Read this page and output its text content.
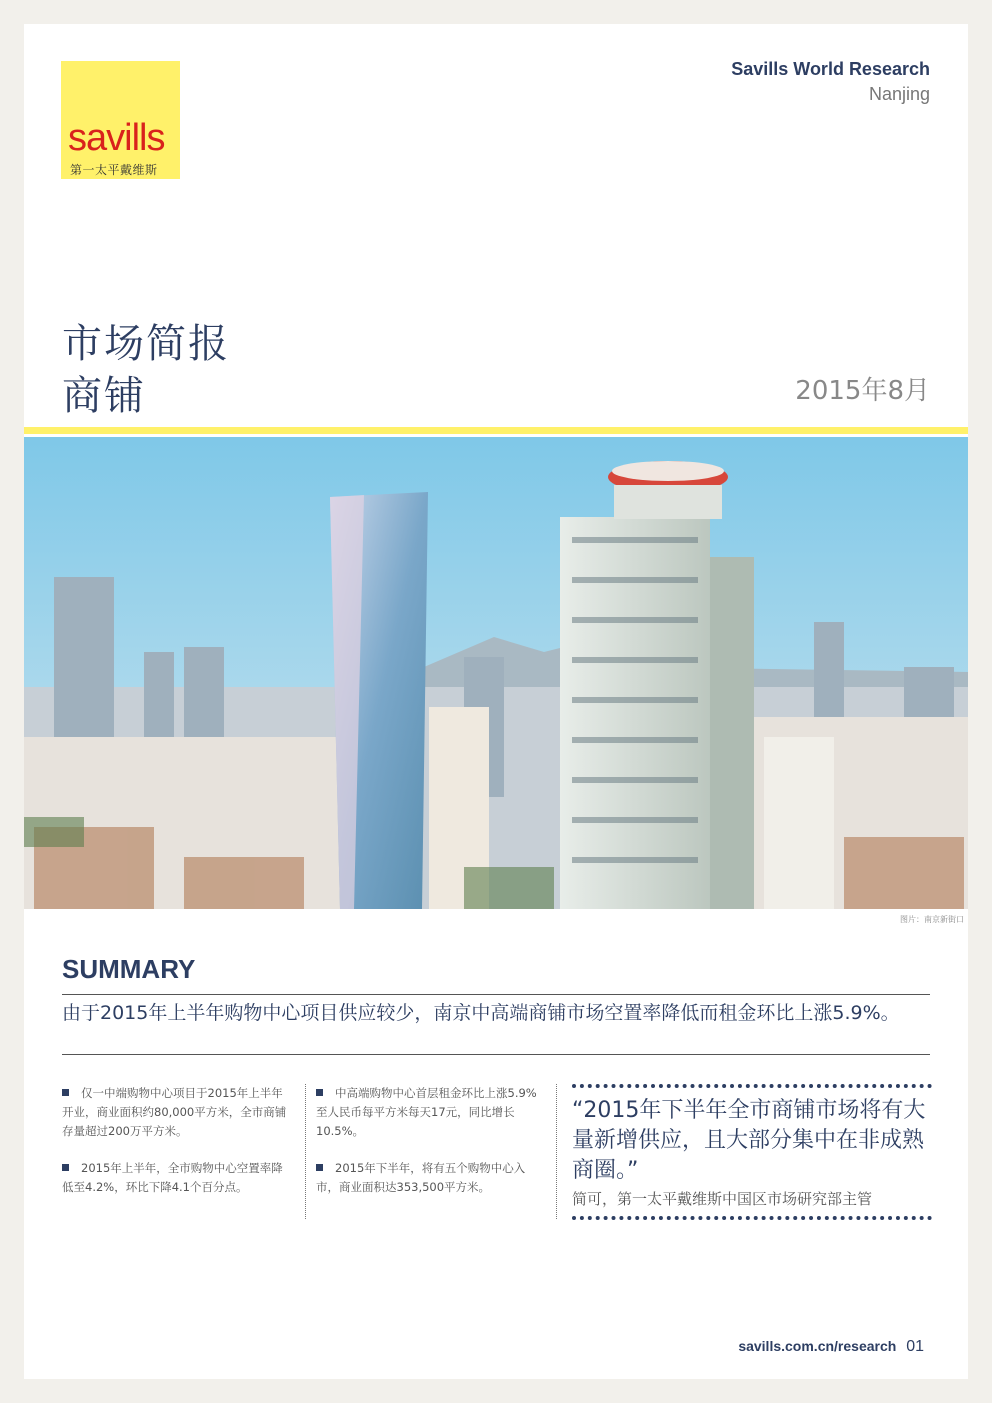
savills
第一太平戴维斯
Savills World Research
Nanjing
市场简报
商铺	2015年8月
图片：南京新街口
SUMMARY
由于2015年上半年购物中心项目供应较少，南京中高端商铺市场空置率降低而租金环比上涨5.9%。
仅一中端购物中心项目于2015年上半年开业，商业面积约80,000平方米，全市商铺存量超过200万平方米。
2015年上半年，全市购物中心空置率降低至4.2%，环比下降4.1个百分点。
中高端购物中心首层租金环比上涨5.9%至人民币每平方米每天17元，同比增长10.5%。
2015年下半年，将有五个购物中心入市，商业面积达353,500平方米。
“2015年下半年全市商铺市场将有大量新增供应，且大部分集中在非成熟商圈。”
简可，第一太平戴维斯中国区市场研究部主管
savills.com.cn/research 01
